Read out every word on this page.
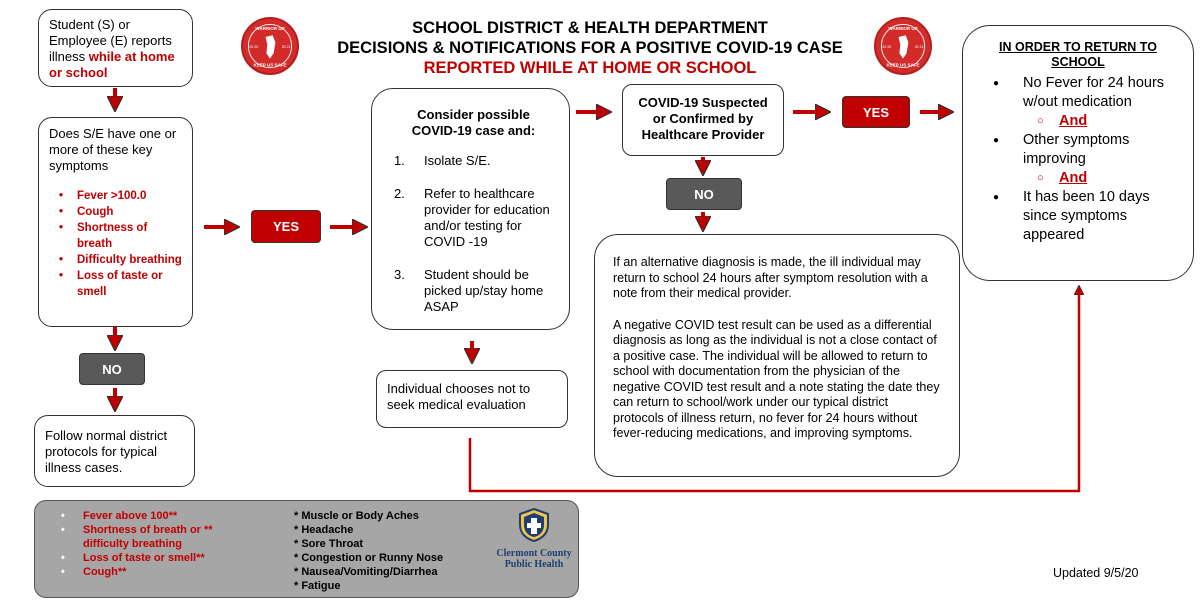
SCHOOL DISTRICT & HEALTH DEPARTMENT
DECISIONS & NOTIFICATIONS FOR A POSITIVE COVID-19 CASE
REPORTED WHILE AT HOME OR SCHOOL
WARRIOR UP
KEEP US SAFE
20 20	20 21
WARRIOR UP
KEEP US SAFE
20 20	20 21
Student (S) or Employee (E) reports illness while at home or school
Does S/E have one or more of these key symptoms
• Fever >100.0
• Cough
• Shortness of breath
• Difficulty breathing
• Loss of taste or smell
YES
NO
Follow normal district protocols for typical illness cases.
Consider possible COVID-19 case and:
1. Isolate S/E.
2. Refer to healthcare provider for education and/or testing for COVID -19
3. Student should be picked up/stay home ASAP
Individual chooses not to seek medical evaluation
COVID-19 Suspected or Confirmed by Healthcare Provider
YES
NO

If an alternative diagnosis is made, the ill individual may return to school 24 hours after symptom resolution with a note from their medical provider.

A negative COVID test result can be used as a differential diagnosis as long as the individual is not a close contact of a positive case. The individual will be allowed to return to school with documentation from the physician of the negative COVID test result and a note stating the date they can return to school/work under our typical district protocols of illness return, no fever for 24 hours without fever-reducing medications, and improving symptoms.

IN ORDER TO RETURN TO SCHOOL
● No Fever for 24 hours w/out medication
○ And
● Other symptoms improving
○ And
● It has been 10 days since symptoms appeared
• Fever above 100**
• Shortness of breath or ** difficulty breathing
• Loss of taste or smell**
• Cough**
* Muscle or Body Aches
* Headache
* Sore Throat
* Congestion or Runny Nose
* Nausea/Vomiting/Diarrhea
* Fatigue
Clermont County
Public Health
Updated 9/5/20
